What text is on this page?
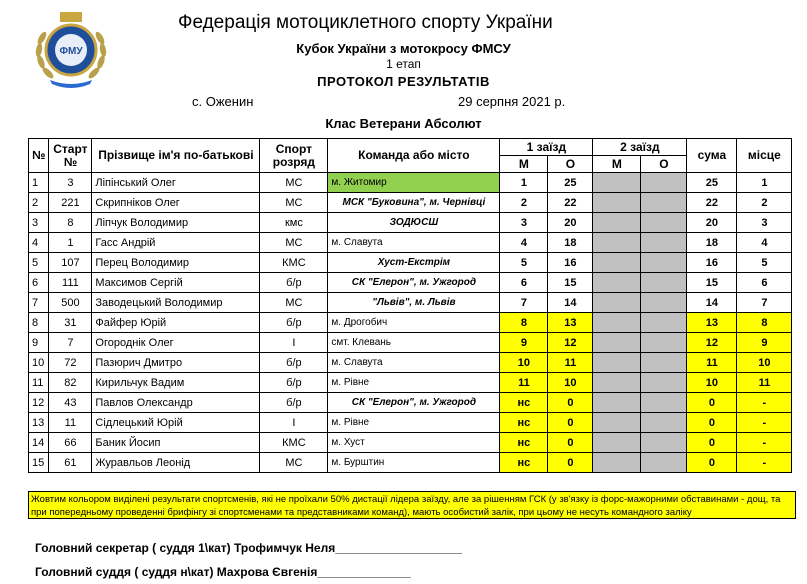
ФМУ
Федерація мотоциклетного спорту України
Кубок України з мотокросу ФМСУ
1 етап
ПРОТОКОЛ РЕЗУЛЬТАТІВ
с. Оженин	29 серпня 2021 р.
Клас Ветерани Абсолют
№	Старт №	Прізвище ім'я по-батькові	Спорт розряд	Команда або місто	1 заїзд		2 заїзд		сума	місце
					М	О	М	О		
1	3	Ліпінський Олег	МС	м. Житомир	1	25			25	1
2	221	Скрипніков Олег	МС	МСК "Буковина", м. Чернівці	2	22			22	2
3	8	Ліпчук Володимир	кмс	ЗОДЮСШ	3	20			20	3
4	1	Гасс Андрій	МС	м. Славута	4	18			18	4
5	107	Перец Володимир	КМС	Хуст-Екстрім	5	16			16	5
6	111	Максимов Сергій	б/р	СК "Елерон", м. Ужгород	6	15			15	6
7	500	Заводецький Володимир	МС	"Львів", м. Львів	7	14			14	7
8	31	Файфер Юрій	б/р	м. Дрогобич	8	13			13	8
9	7	Огороднік Олег	І	смт. Клевань	9	12			12	9
10	72	Пазюрич Дмитро	б/р	м. Славута	10	11			11	10
11	82	Кирильчук Вадим	б/р	м. Рівне	11	10			10	11
12	43	Павлов Олександр	б/р	СК "Елерон", м. Ужгород	нс	0			0	-
13	11	Сідлецький Юрій	І	м. Рівне	нс	0			0	-
14	66	Баник Йосип	КМС	м. Хуст	нс	0			0	-
15	61	Журавльов Леонід	МС	м. Бурштин	нс	0			0	-
Жовтим кольором виділені результати спортсменів, які не проїхали 50% дистації лідера заїзду, але за рішенням ГСК (у зв'язку із форс-мажорними обставинами - дощ, та при попередньому проведенні брифінгу зі спортсменами та представниками команд), мають особистий залік, при цьому не несуть командного заліку
Головний секретар ( суддя 1\кат) Трофимчук Неля___________________
Головний суддя ( суддя н\кат) Махрова Євгенія______________
